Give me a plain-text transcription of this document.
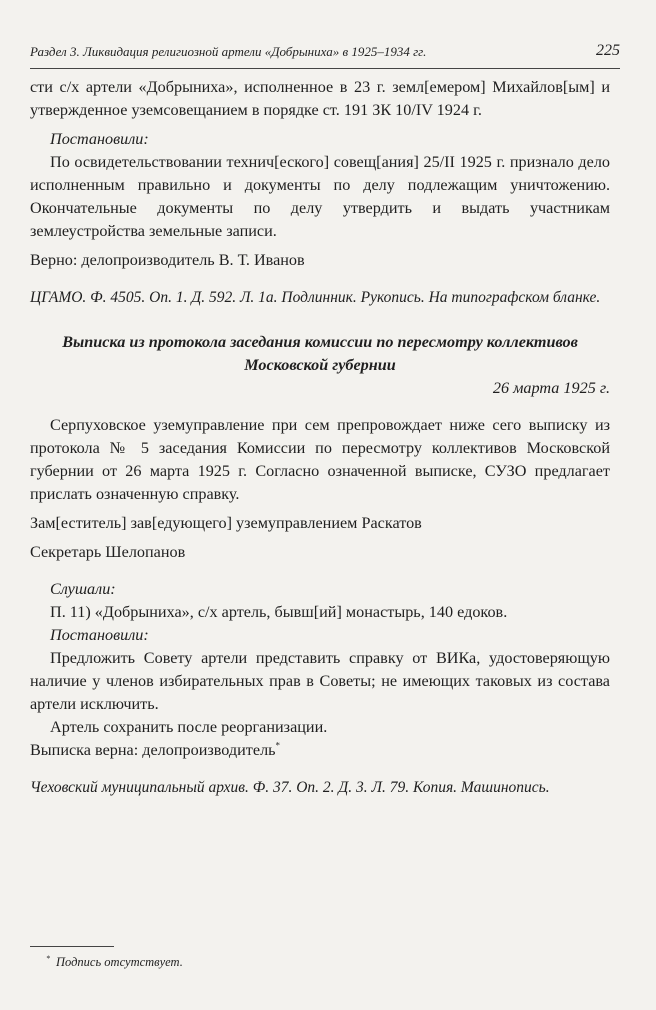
Раздел 3. Ликвидация религиозной артели «Добрыниха» в 1925–1934 гг.	225

сти с/х артели «Добрыниха», исполненное в 23 г. земл[емером] Михайлов[ым] и утвержденное уземсовещанием в порядке ст. 191 ЗК 10/IV 1924 г.

Постановили:

По освидетельствовании технич[еского] совещ[ания] 25/II 1925 г. признало дело исполненным правильно и документы по делу подлежащим уничтожению. Окончательные документы по делу утвердить и выдать участникам землеустройства земельные записи.

Верно: делопроизводитель В. Т. Иванов

ЦГАМО. Ф. 4505. Оп. 1. Д. 592. Л. 1а. Подлинник. Рукопись. На типографском бланке.

Выписка из протокола заседания комиссии по пересмотру коллективов Московской губернии

26 марта 1925 г.

Серпуховское уземуправление при сем препровождает ниже сего выписку из протокола № 5 заседания Комиссии по пересмотру коллективов Московской губернии от 26 марта 1925 г. Согласно означенной выписке, СУЗО предлагает прислать означенную справку.

Зам[еститель] зав[едующего] уземуправлением Раскатов

Секретарь Шелопанов

Слушали:

П. 11) «Добрыниха», с/х артель, бывш[ий] монастырь, 140 едоков.

Постановили:

Предложить Совету артели представить справку от ВИКа, удостоверяющую наличие у членов избирательных прав в Советы; не имеющих таковых из состава артели исключить.

Артель сохранить после реорганизации.

Выписка верна: делопроизводитель*

Чеховский муниципальный архив. Ф. 37. Оп. 2. Д. 3. Л. 79. Копия. Машинопись.

* Подпись отсутствует.
